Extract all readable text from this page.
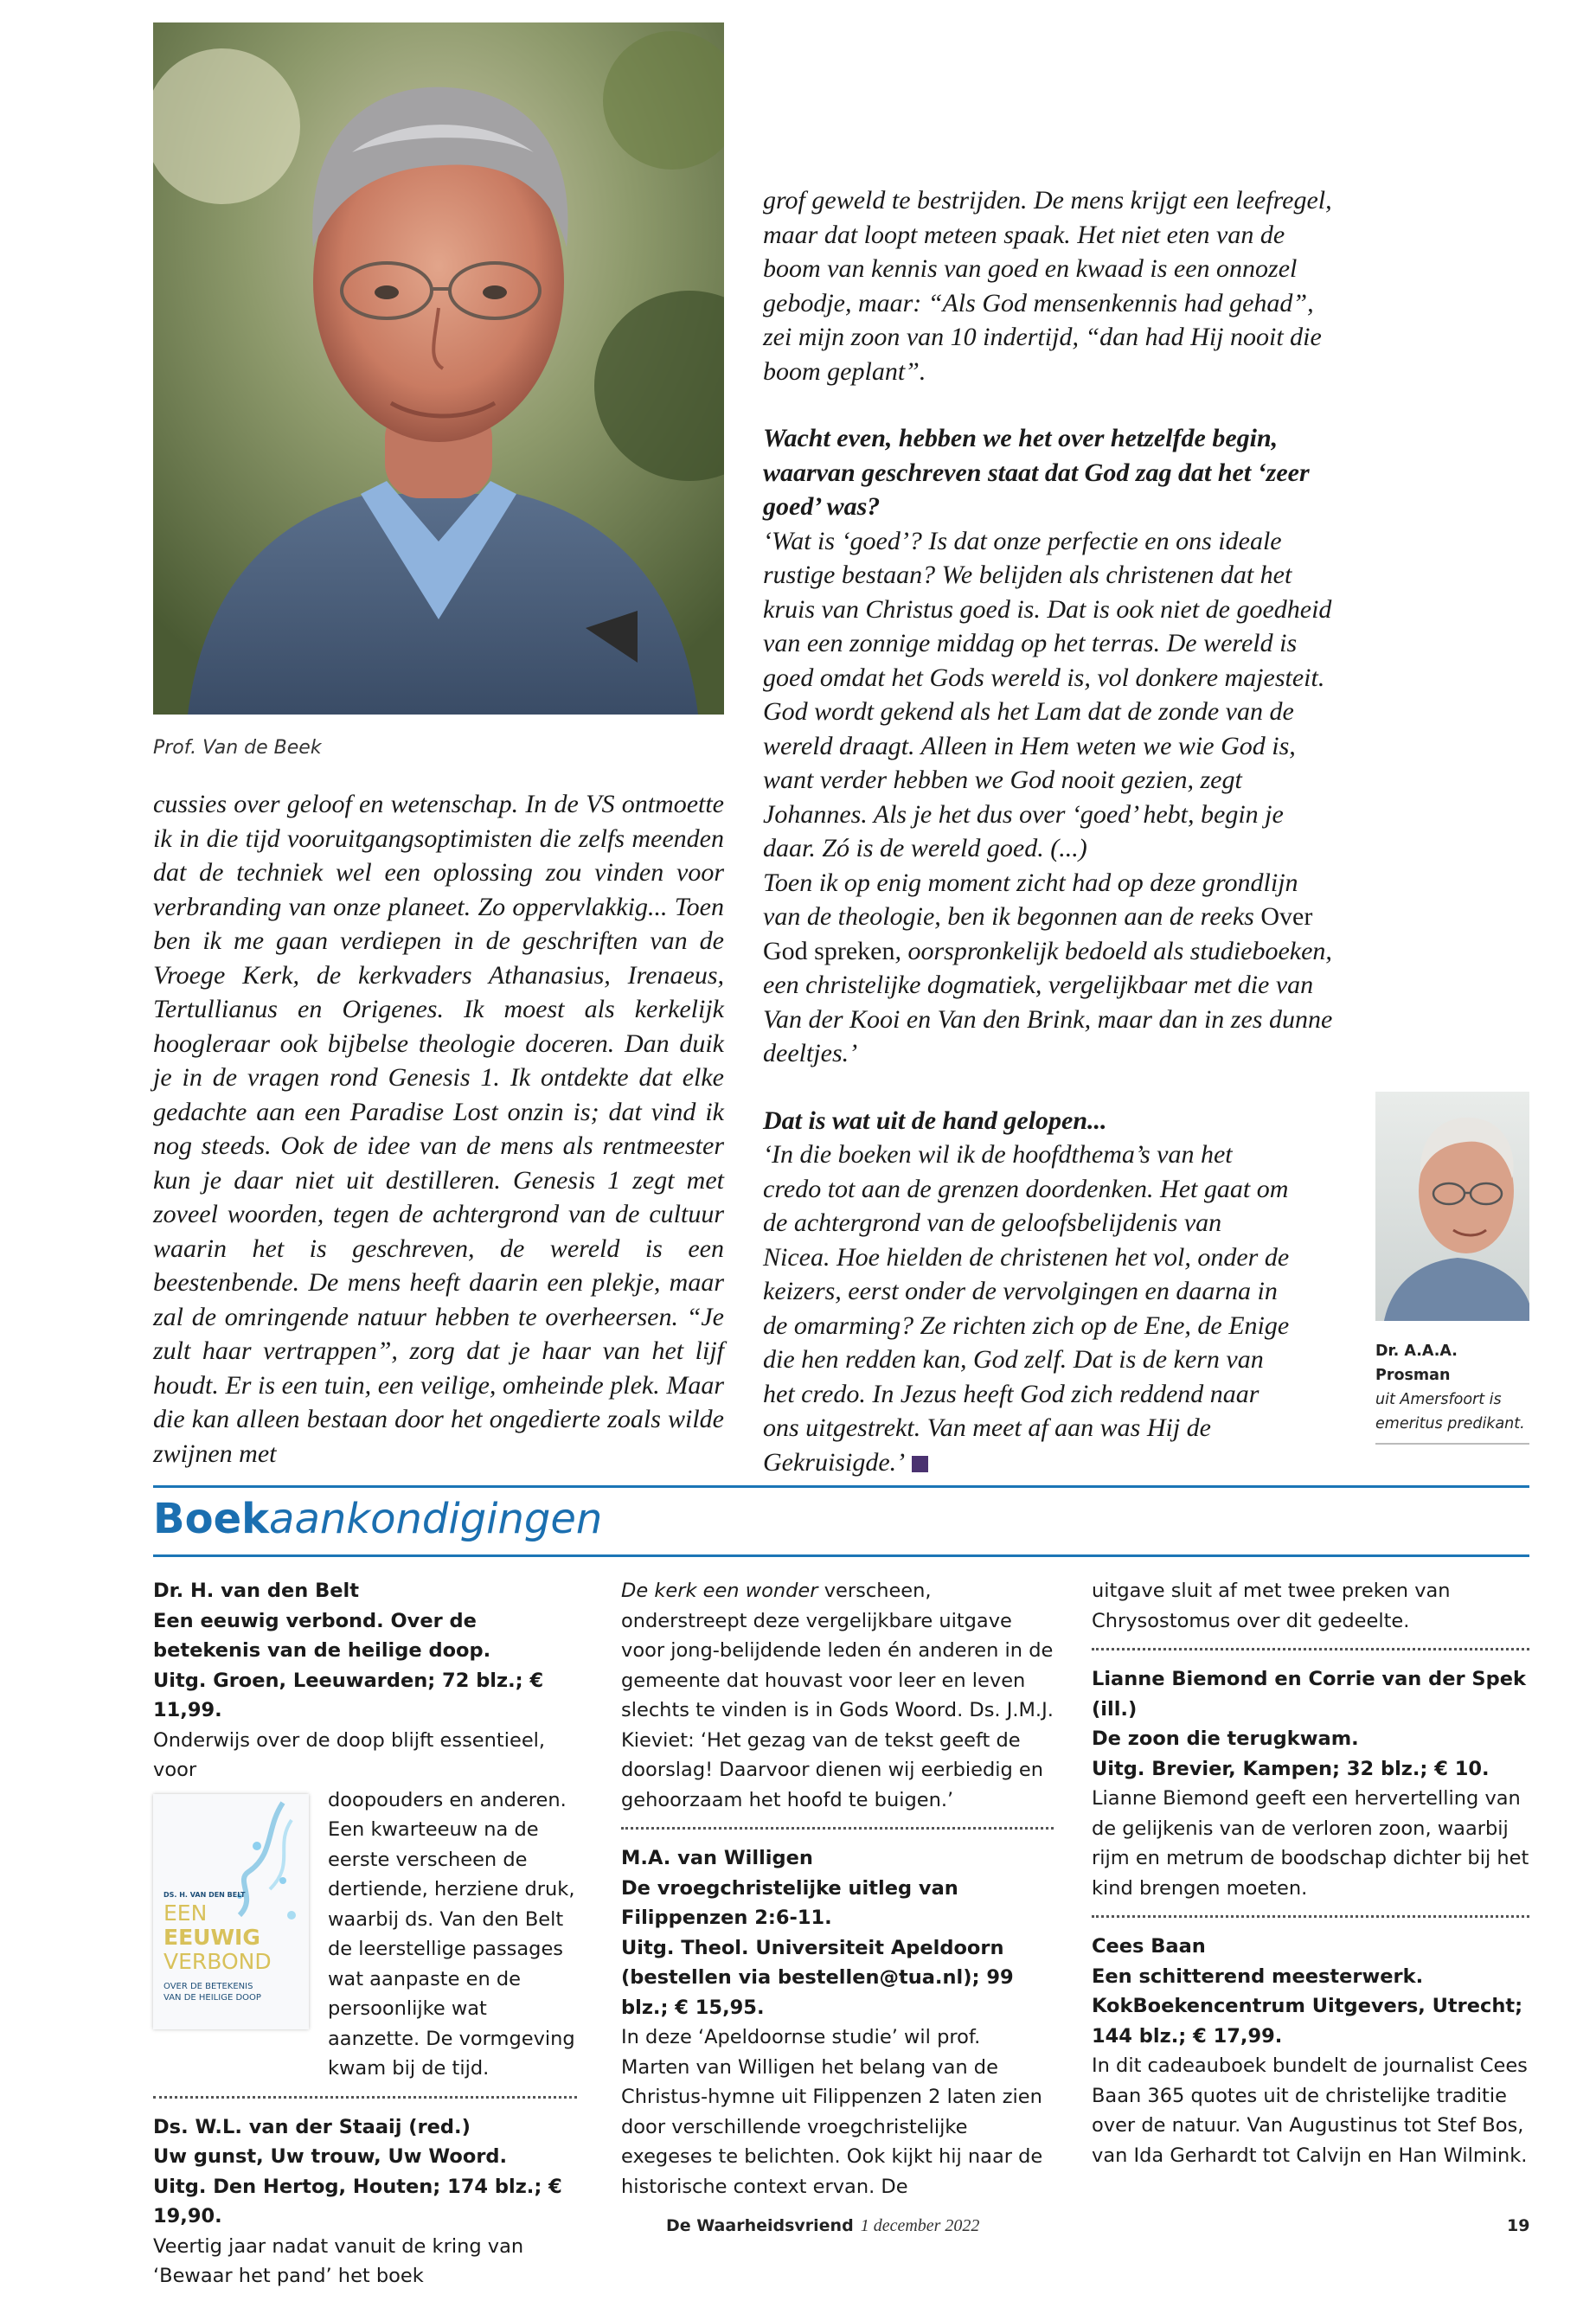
Prof. Van de Beek

cussies over geloof en wetenschap. In de VS ontmoette ik in die tijd vooruitgangsoptimisten die zelfs meenden dat de techniek wel een oplossing zou vinden voor verbranding van onze planeet. Zo oppervlakkig... Toen ben ik me gaan verdiepen in de geschriften van de Vroege Kerk, de kerkvaders Athanasius, Irenaeus, Tertullianus en Origenes. Ik moest als kerkelijk hoogleraar ook bijbelse theologie doceren. Dan duik je in de vragen rond Genesis 1. Ik ontdekte dat elke gedachte aan een Paradise Lost onzin is; dat vind ik nog steeds. Ook de idee van de mens als rentmeester kun je daar niet uit destilleren. Genesis 1 zegt met zoveel woorden, tegen de achtergrond van de cultuur waarin het is geschreven, de wereld is een beestenbende. De mens heeft daarin een plekje, maar zal de omringende natuur hebben te overheersen. “Je zult haar vertrappen”, zorg dat je haar van het lijf houdt. Er is een tuin, een veilige, omheinde plek. Maar die kan alleen bestaan door het ongedierte zoals wilde zwijnen met

grof geweld te bestrijden. De mens krijgt een leefregel, maar dat loopt meteen spaak. Het niet eten van de boom van kennis van goed en kwaad is een onnozel gebodje, maar: “Als God mensenkennis had gehad”, zei mijn zoon van 10 indertijd, “dan had Hij nooit die boom geplant”.

Wacht even, hebben we het over hetzelfde begin, waarvan geschreven staat dat God zag dat het ‘zeer goed’ was?

‘Wat is ‘goed’? Is dat onze perfectie en ons ideale rustige bestaan? We belijden als christenen dat het kruis van Christus goed is. Dat is ook niet de goedheid van een zonnige middag op het terras. De wereld is goed omdat het Gods wereld is, vol donkere majesteit. God wordt gekend als het Lam dat de zonde van de wereld draagt. Alleen in Hem weten we wie God is, want verder hebben we God nooit gezien, zegt Johannes. Als je het dus over ‘goed’ hebt, begin je daar. Zó is de wereld goed. (...)

Toen ik op enig moment zicht had op deze grondlijn van de theologie, ben ik begonnen aan de reeks Over God spreken, oorspronkelijk bedoeld als studieboeken, een christelijke dogmatiek, vergelijkbaar met die van Van der Kooi en Van den Brink, maar dan in zes dunne deeltjes.’

Dat is wat uit de hand gelopen...

‘In die boeken wil ik de hoofdthema’s van het credo tot aan de grenzen doordenken. Het gaat om de achtergrond van de geloofsbelijdenis van Nicea. Hoe hielden de christenen het vol, onder de keizers, eerst onder de vervolgingen en daarna in de omarming? Ze richten zich op de Ene, de Enige die hen redden kan, God zelf. Dat is de kern van het credo. In Jezus heeft God zich reddend naar ons uitgestrekt. Van meet af aan was Hij de Gekruisigde.’

Dr. A.A.A. Prosman
uit Amersfoort is emeritus predikant.
Boekaankondigingen
Dr. H. van den Belt
Een eeuwig verbond. Over de betekenis van de heilige doop.
Uitg. Groen, Leeuwarden; 72 blz.; € 11,99.

Onderwijs over de doop blijft essentieel, voor

DS. H. VAN DEN BELT
EEN
EEUWIG
VERBOND
OVER DE BETEKENIS
VAN DE HEILIGE DOOP

doopouders en anderen. Een kwarteeuw na de eerste verscheen de dertiende, herziene druk, waarbij ds. Van den Belt de leerstellige passages wat aanpaste en de persoonlijke wat aanzette. De vormgeving kwam bij de tijd.

Ds. W.L. van der Staaij (red.)
Uw gunst, Uw trouw, Uw Woord.
Uitg. Den Hertog, Houten; 174 blz.; € 19,90.

Veertig jaar nadat vanuit de kring van ‘Bewaar het pand’ het boek

De kerk een wonder verscheen, onderstreept deze vergelijkbare uitgave voor jong-belijdende leden én anderen in de gemeente dat houvast voor leer en leven slechts te vinden is in Gods Woord. Ds. J.M.J. Kieviet: ‘Het gezag van de tekst geeft de doorslag! Daarvoor dienen wij eerbiedig en gehoorzaam het hoofd te buigen.’

M.A. van Willigen
De vroegchristelijke uitleg van Filippenzen 2:6-11.
Uitg. Theol. Universiteit Apeldoorn (bestellen via bestellen@tua.nl); 99 blz.; € 15,95.

In deze ‘Apeldoornse studie’ wil prof. Marten van Willigen het belang van de Christus-hymne uit Filippenzen 2 laten zien door verschillende vroegchristelijke exegeses te belichten. Ook kijkt hij naar de historische context ervan. De

uitgave sluit af met twee preken van Chrysostomus over dit gedeelte.

Lianne Biemond en Corrie van der Spek (ill.)
De zoon die terugkwam.
Uitg. Brevier, Kampen; 32 blz.; € 10.

Lianne Biemond geeft een hervertelling van de gelijkenis van de verloren zoon, waarbij rijm en metrum de boodschap dichter bij het kind brengen moeten.

Cees Baan
Een schitterend meesterwerk.
KokBoekencentrum Uitgevers, Utrecht; 144 blz.; € 17,99.

In dit cadeauboek bundelt de journalist Cees Baan 365 quotes uit de christelijke traditie over de natuur. Van Augustinus tot Stef Bos, van Ida Gerhardt tot Calvijn en Han Wilmink.

De Waarheidsvriend 1 december 2022	19
